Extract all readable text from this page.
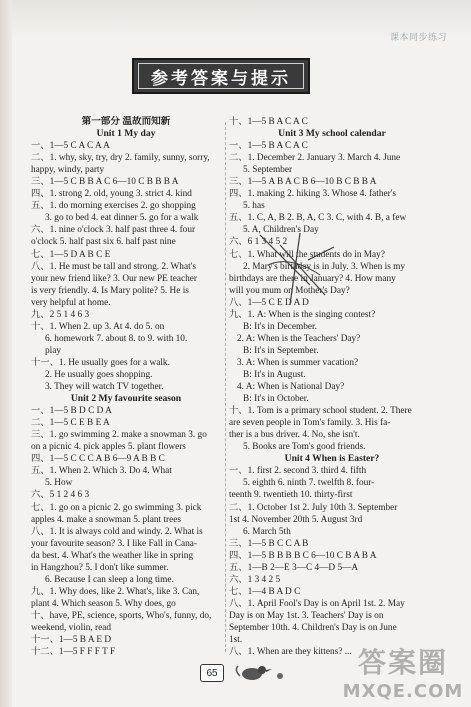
课本同步练习
参考答案与提示
第一部分 温故而知新
Unit 1 My day
一、1—5 C A C A A
二、1. why, sky, try, dry 2. family, sunny, sorry,
happy, windy, party
三、1—5 C B B A C 6—10 C B B B A
四、1. strong 2. old, young 3. strict 4. kind
五、1. do morning exercises 2. go shopping
3. go to bed 4. eat dinner 5. go for a walk
六、1. nine o'clock 3. half past three 4. four
o'clock 5. half past six 6. half past nine
七、1—5 D A B C E
八、1. He must be tall and strong. 2. What's
your new friend like? 3. Our new PE teacher
is very friendly. 4. Is Mary polite? 5. He is
very helpful at home.
九、2 5 1 4 6 3
十、1. When 2. up 3. At 4. do 5. on
6. homework 7. about 8. to 9. with 10.
play
十一、1. He usually goes for a walk.
2. He usually goes shopping.
3. They will watch TV together.
Unit 2 My favourite season
一、1—5 B D C D A
二、1—5 C E B E A
三、1. go swimming 2. make a snowman 3. go
on a picnic 4. pick apples 5. plant flowers
四、1—5 C C C A B 6—9 A B B C
五、1. When 2. Which 3. Do 4. What
5. How
六、5 1 2 4 6 3
七、1. go on a picnic 2. go swimming 3. pick
apples 4. make a snowman 5. plant trees
八、1. It is always cold and windy. 2. What is
your favourite season? 3. I like Fall in Cana-
da best. 4. What's the weather like in spring
in Hangzhou? 5. I don't like summer.
6. Because I can sleep a long time.
九、1. Why does, like 2. What's, like 3. Can,
plant 4. Which season 5. Why does, go
十、have, PE, science, sports, Who's, funny, do,
weekend, violin, read
十一、1—5 B A E D
十二、1—5 F F F T F
十、1—5 B A C A C
Unit 3 My school calendar
一、1—5 B A C A C
二、1. December 2. January 3. March 4. June
5. September
三、1—5 A B A C B 6—10 B C B B A
四、1. making 2. hiking 3. Whose 4. father's
5. has
五、1. C, A, B 2. B, A, C 3. C, with 4. B, a few
5. A, Children's Day
六、6 1 3 4 5 2
七、1. What will the students do in May?
2. Mary's birthday is in July. 3. When is my
birthdays are there in January? 4. How many
will you mum on Mother's Day?
八、1—5 C E D A D
九、1. A: When is the singing contest?
B: It's in December.
2. A: When is the Teachers' Day?
B: It's in September.
3. A: When is summer vacation?
B: It's in August.
4. A: When is National Day?
B: It's in October.
十、1. Tom is a primary school student. 2. There
are seven people in Tom's family. 3. His fa-
ther is a bus driver. 4. No, she isn't.
5. Books are Tom's good friends.
Unit 4 When is Easter?
一、1. first 2. second 3. third 4. fifth
5. eighth 6. ninth 7. twelfth 8. four-
teenth 9. twentieth 10. thirty-first
二、1. October 1st 2. July 10th 3. September
1st 4. November 20th 5. August 3rd
6. March 5th
三、1—5 B C C A B
四、1—5 B B B B C 6—10 C B A B A
五、1—B 2—E 3—C 4—D 5—A
六、1 3 4 2 5
七、1—4 B A D C
八、1. April Fool's Day is on April 1st. 2. May
Day is on May 1st. 3. Teachers' Day is on
September 10th. 4. Children's Day is on June
1st.
八、1. When are they kittens? ...
65	答案圈
MXQE.COM
